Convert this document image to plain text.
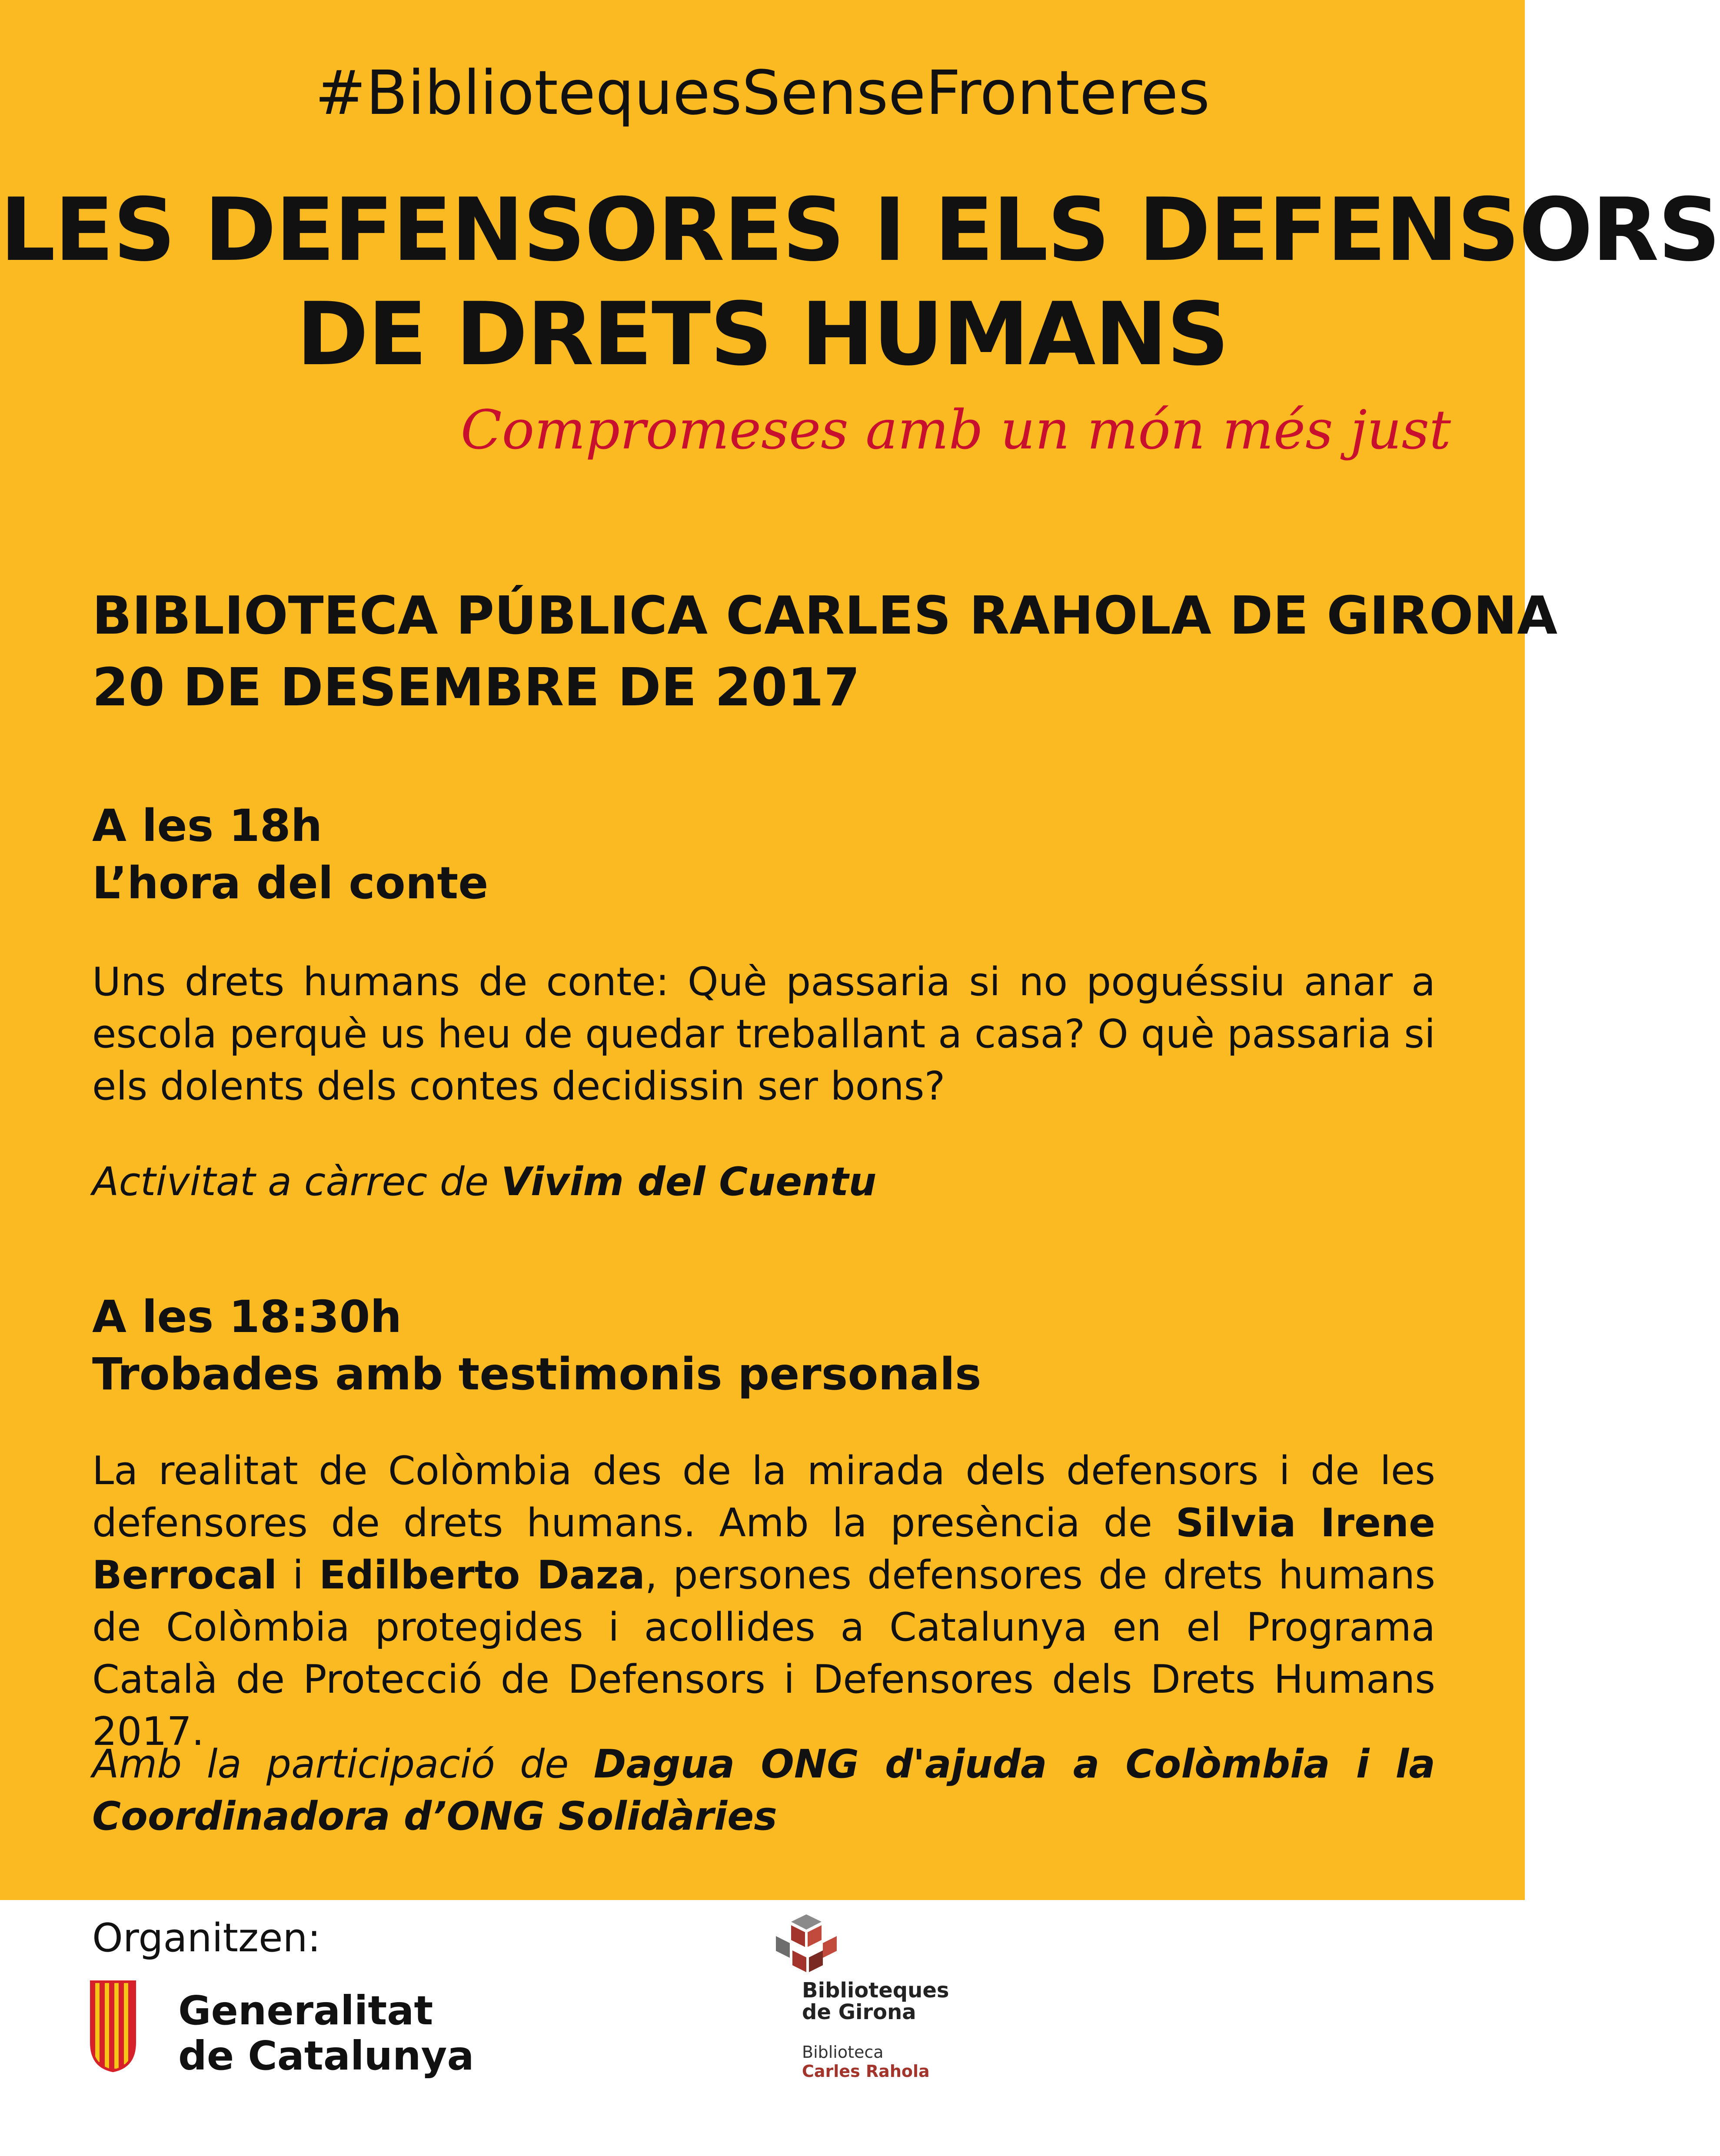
#BibliotequesSenseFronteres
LES DEFENSORES I ELS DEFENSORS
DE DRETS HUMANS
Compromeses amb un món més just
BIBLIOTECA PÚBLICA CARLES RAHOLA DE GIRONA
20 DE DESEMBRE DE 2017
A les 18h
L’hora del conte

Uns drets humans de conte: Què passaria si no poguéssiu anar a escola perquè us heu de quedar treballant a casa? O què passaria si els dolents dels contes decidissin ser bons?

Activitat a càrrec de Vivim del Cuentu

A les 18:30h
Trobades amb testimonis personals

La realitat de Colòmbia des de la mirada dels defensors i de les defensores de drets humans. Amb la presència de Silvia Irene Berrocal i Edilberto Daza, persones defensores de drets humans de Colòmbia protegides i acollides a Catalunya en el Programa Català de Protecció de Defensors i Defensores dels Drets Humans 2017.

Amb la participació de Dagua ONG d'ajuda a Colòmbia i la Coordinadora d’ONG Solidàries

Organitzen:
Generalitat
de Catalunya
Biblioteques
de Girona
Biblioteca
Carles Rahola
